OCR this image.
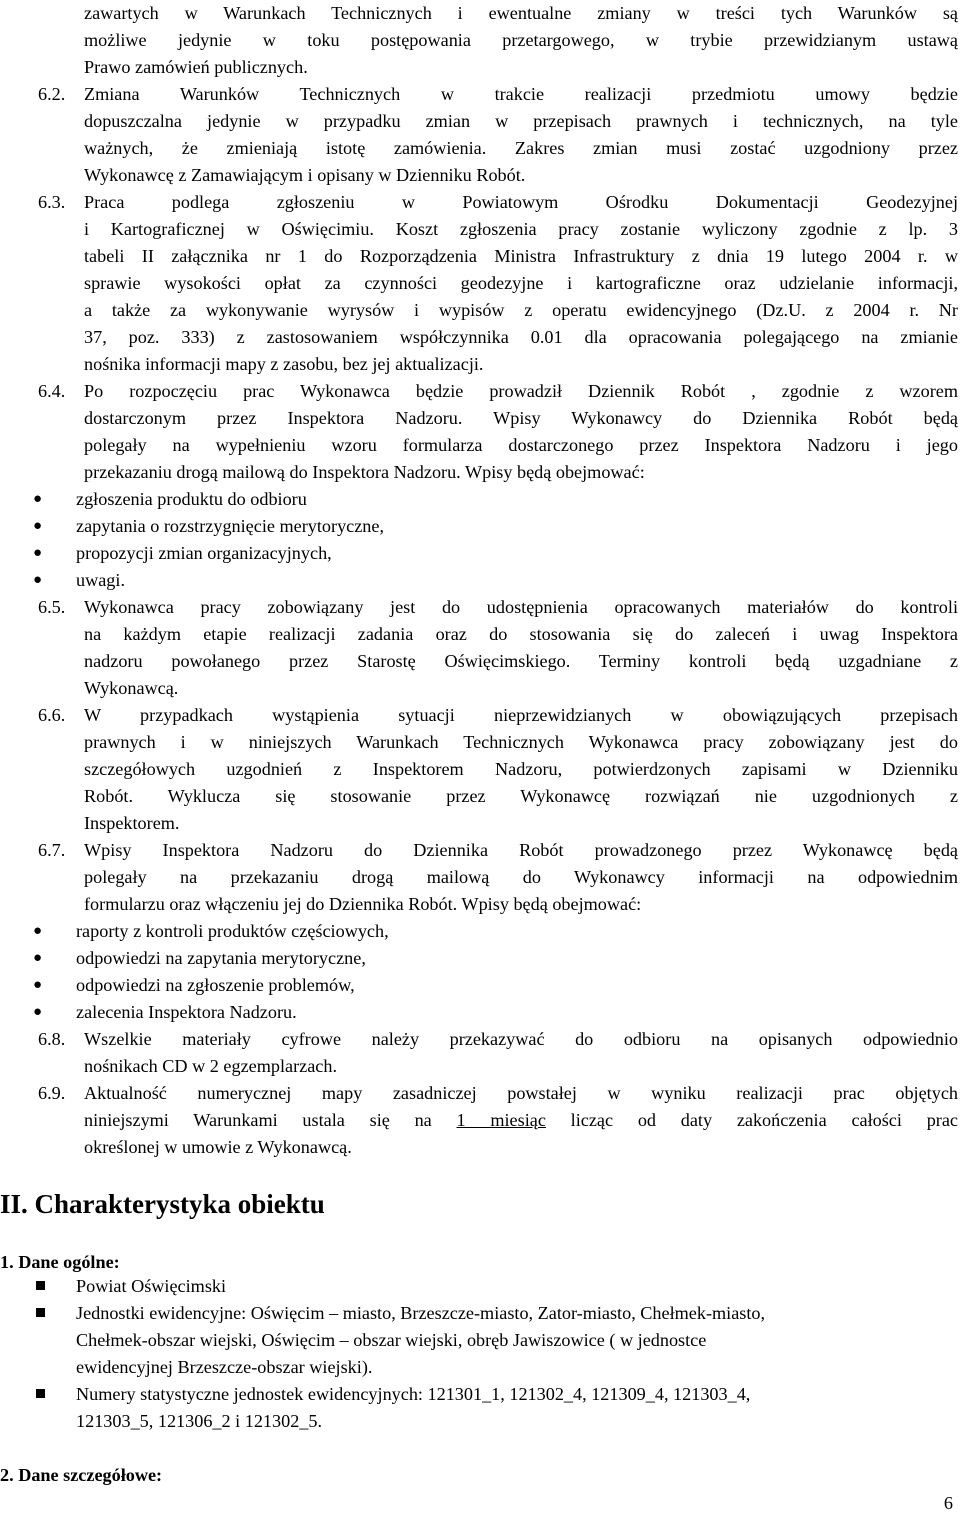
zawartych w Warunkach Technicznych i ewentualne zmiany w treści tych Warunków są
możliwe jedynie w toku postępowania przetargowego, w trybie przewidzianym ustawą
Prawo zamówień publicznych.
6.2. Zmiana Warunków Technicznych w trakcie realizacji przedmiotu umowy będzie
dopuszczalna jedynie w przypadku zmian w przepisach prawnych i technicznych, na tyle
ważnych, że zmieniają istotę zamówienia. Zakres zmian musi zostać uzgodniony przez
Wykonawcę z Zamawiającym i opisany w Dzienniku Robót.
6.3. Praca podlega zgłoszeniu w Powiatowym Ośrodku Dokumentacji Geodezyjnej
i Kartograficznej w Oświęcimiu. Koszt zgłoszenia pracy zostanie wyliczony zgodnie z lp. 3
tabeli II załącznika nr 1 do Rozporządzenia Ministra Infrastruktury z dnia 19 lutego 2004 r. w
sprawie wysokości opłat za czynności geodezyjne i kartograficzne oraz udzielanie informacji,
a także za wykonywanie wyrysów i wypisów z operatu ewidencyjnego (Dz.U. z 2004 r. Nr
37, poz. 333) z zastosowaniem współczynnika 0.01 dla opracowania polegającego na zmianie
nośnika informacji mapy z zasobu, bez jej aktualizacji.
6.4. Po rozpoczęciu prac Wykonawca będzie prowadził Dziennik Robót , zgodnie z wzorem
dostarczonym przez Inspektora Nadzoru. Wpisy Wykonawcy do Dziennika Robót będą
polegały na wypełnieniu wzoru formularza dostarczonego przez Inspektora Nadzoru i jego
przekazaniu drogą mailową do Inspektora Nadzoru. Wpisy będą obejmować:
● zgłoszenia produktu do odbioru
● zapytania o rozstrzygnięcie merytoryczne,
● propozycji zmian organizacyjnych,
● uwagi.
6.5. Wykonawca pracy zobowiązany jest do udostępnienia opracowanych materiałów do kontroli
na każdym etapie realizacji zadania oraz do stosowania się do zaleceń i uwag Inspektora
nadzoru powołanego przez Starostę Oświęcimskiego. Terminy kontroli będą uzgadniane z
Wykonawcą.
6.6. W przypadkach wystąpienia sytuacji nieprzewidzianych w obowiązujących przepisach
prawnych i w niniejszych Warunkach Technicznych Wykonawca pracy zobowiązany jest do
szczegółowych uzgodnień z Inspektorem Nadzoru, potwierdzonych zapisami w Dzienniku
Robót. Wyklucza się stosowanie przez Wykonawcę rozwiązań nie uzgodnionych z
Inspektorem.
6.7. Wpisy Inspektora Nadzoru do Dziennika Robót prowadzonego przez Wykonawcę będą
polegały na przekazaniu drogą mailową do Wykonawcy informacji na odpowiednim
formularzu oraz włączeniu jej do Dziennika Robót. Wpisy będą obejmować:
● raporty z kontroli produktów częściowych,
● odpowiedzi na zapytania merytoryczne,
● odpowiedzi na zgłoszenie problemów,
● zalecenia Inspektora Nadzoru.
6.8. Wszelkie materiały cyfrowe należy przekazywać do odbioru na opisanych odpowiednio
nośnikach CD w 2 egzemplarzach.
6.9. Aktualność numerycznej mapy zasadniczej powstałej w wyniku realizacji prac objętych
niniejszymi Warunkami ustala się na 1 miesiąc licząc od daty zakończenia całości prac
określonej w umowie z Wykonawcą.
II. Charakterystyka obiektu
1. Dane ogólne:
Powiat Oświęcimski
Jednostki ewidencyjne: Oświęcim – miasto, Brzeszcze-miasto, Zator-miasto, Chełmek-miasto,
Chełmek-obszar wiejski, Oświęcim – obszar wiejski, obręb Jawiszowice ( w jednostce
ewidencyjnej Brzeszcze-obszar wiejski).
Numery statystyczne jednostek ewidencyjnych: 121301_1, 121302_4, 121309_4, 121303_4,
121303_5, 121306_2 i 121302_5.
2. Dane szczegółowe:
6
